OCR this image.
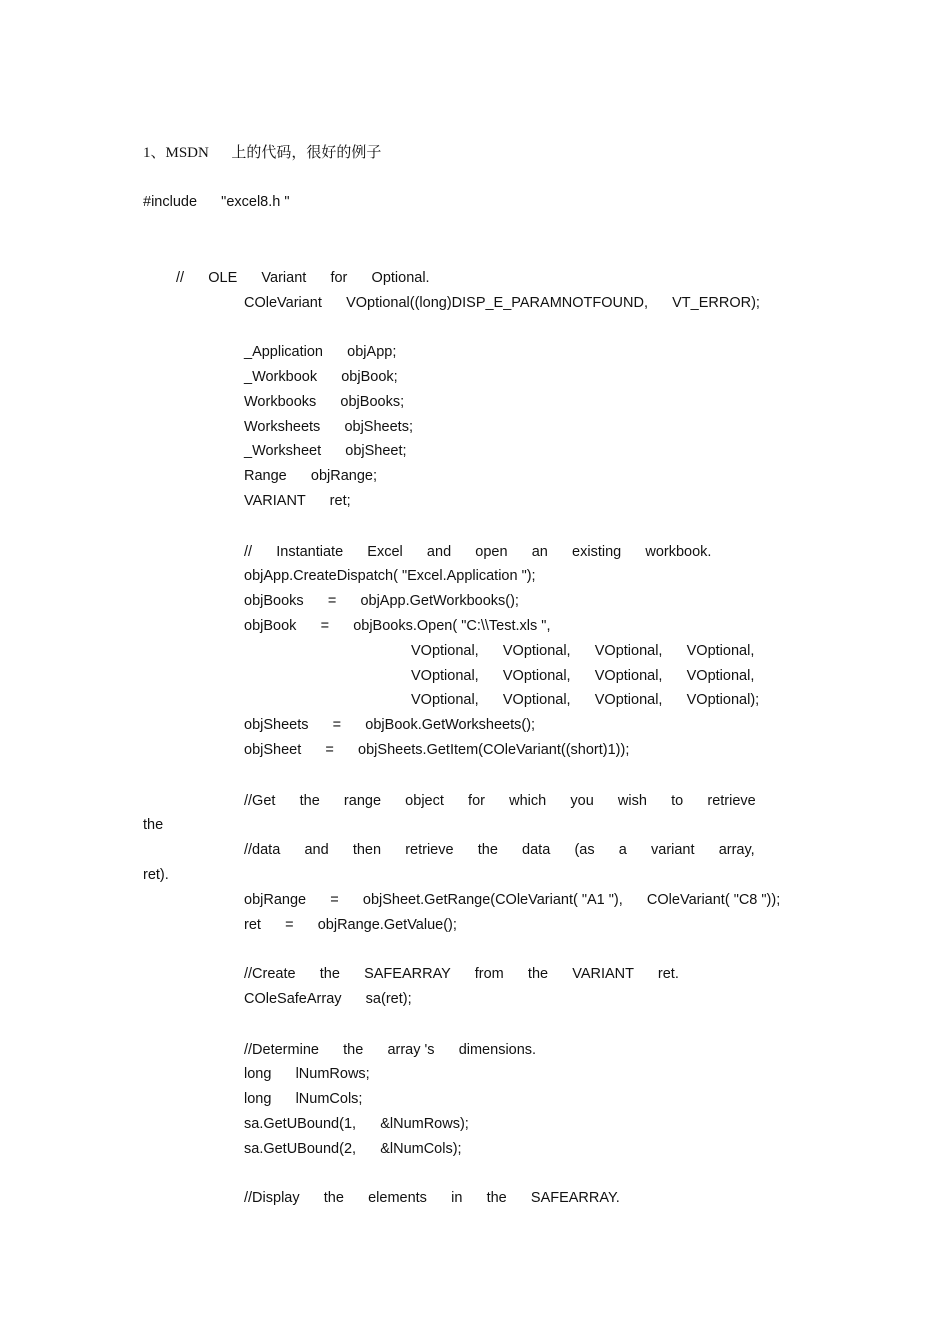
1、MSDN      上的代码，很好的例子
#include      "excel8.h "
//      OLE      Variant      for      Optional.
COleVariant      VOptional((long)DISP_E_PARAMNOTFOUND,      VT_ERROR);
_Application      objApp;
_Workbook      objBook;
Workbooks      objBooks;
Worksheets      objSheets;
_Worksheet      objSheet;
Range      objRange;
VARIANT      ret;
//      Instantiate      Excel      and      open      an      existing      workbook.
objApp.CreateDispatch( "Excel.Application ");
objBooks      =      objApp.GetWorkbooks();
objBook      =      objBooks.Open( "C:\\Test.xls ",
VOptional,      VOptional,      VOptional,      VOptional,
VOptional,      VOptional,      VOptional,      VOptional,
VOptional,      VOptional,      VOptional,      VOptional);
objSheets      =      objBook.GetWorksheets();
objSheet      =      objSheets.GetItem(COleVariant((short)1));
//Get      the      range      object      for      which      you      wish      to      retrieve
the
//data      and      then      retrieve      the      data      (as      a      variant      array,
ret).
objRange      =      objSheet.GetRange(COleVariant( "A1 "),      COleVariant( "C8 "));
ret      =      objRange.GetValue();
//Create      the      SAFEARRAY      from      the      VARIANT      ret.
COleSafeArray      sa(ret);
//Determine      the      array 's      dimensions.
long      lNumRows;
long      lNumCols;
sa.GetUBound(1,      &lNumRows);
sa.GetUBound(2,      &lNumCols);
//Display      the      elements      in      the      SAFEARRAY.
